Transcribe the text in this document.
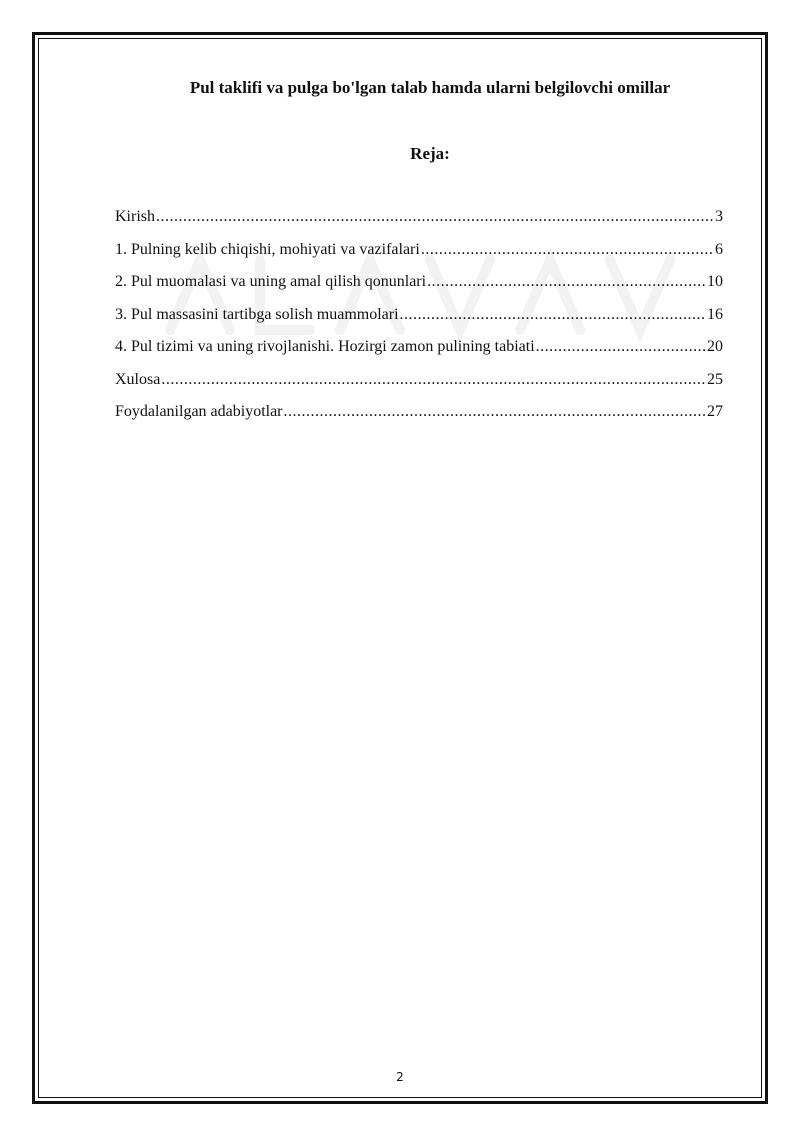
Pul taklifi va pulga bo'lgan talab hamda ularni belgilovchi omillar
Reja:
Kirish .....	3
1. Pulning kelib chiqishi, mohiyati va vazifalari .....	6
2. Pul muomalasi va uning amal qilish qonunlari .....	10
3. Pul massasini tartibga solish muammolari .....	16
4. Pul tizimi va uning rivojlanishi. Hozirgi zamon pulining tabiati .....	20
Xulosa .....	25
Foydalanilgan adabiyotlar .....	27
2
